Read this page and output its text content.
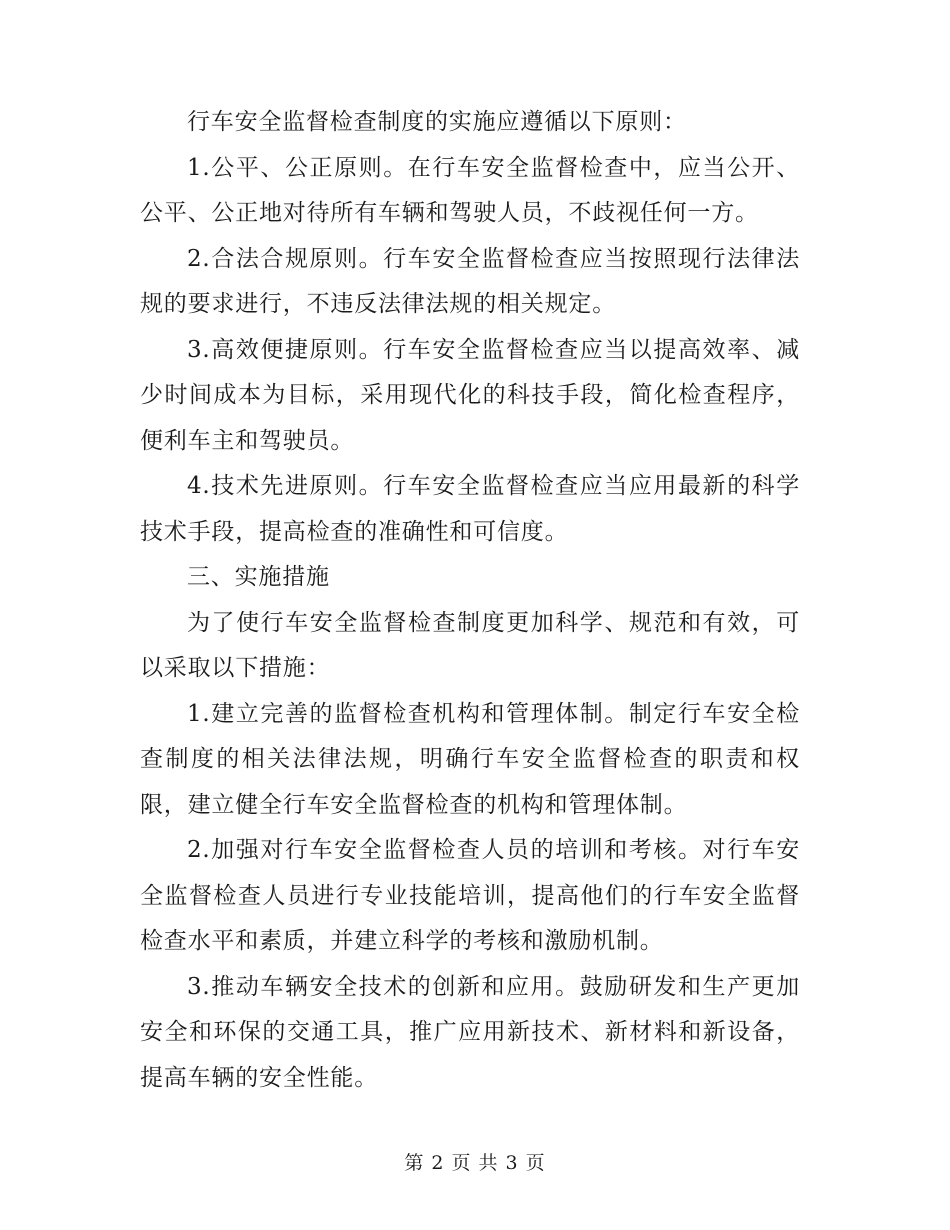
行车安全监督检查制度的实施应遵循以下原则：

1.公平、公正原则。在行车安全监督检查中，应当公开、公平、公正地对待所有车辆和驾驶人员，不歧视任何一方。

2.合法合规原则。行车安全监督检查应当按照现行法律法规的要求进行，不违反法律法规的相关规定。

3.高效便捷原则。行车安全监督检查应当以提高效率、减少时间成本为目标，采用现代化的科技手段，简化检查程序，便利车主和驾驶员。

4.技术先进原则。行车安全监督检查应当应用最新的科学技术手段，提高检查的准确性和可信度。

三、实施措施

为了使行车安全监督检查制度更加科学、规范和有效，可以采取以下措施：

1.建立完善的监督检查机构和管理体制。制定行车安全检查制度的相关法律法规，明确行车安全监督检查的职责和权限，建立健全行车安全监督检查的机构和管理体制。

2.加强对行车安全监督检查人员的培训和考核。对行车安全监督检查人员进行专业技能培训，提高他们的行车安全监督检查水平和素质，并建立科学的考核和激励机制。

3.推动车辆安全技术的创新和应用。鼓励研发和生产更加安全和环保的交通工具，推广应用新技术、新材料和新设备，提高车辆的安全性能。

第 2 页 共 3 页
